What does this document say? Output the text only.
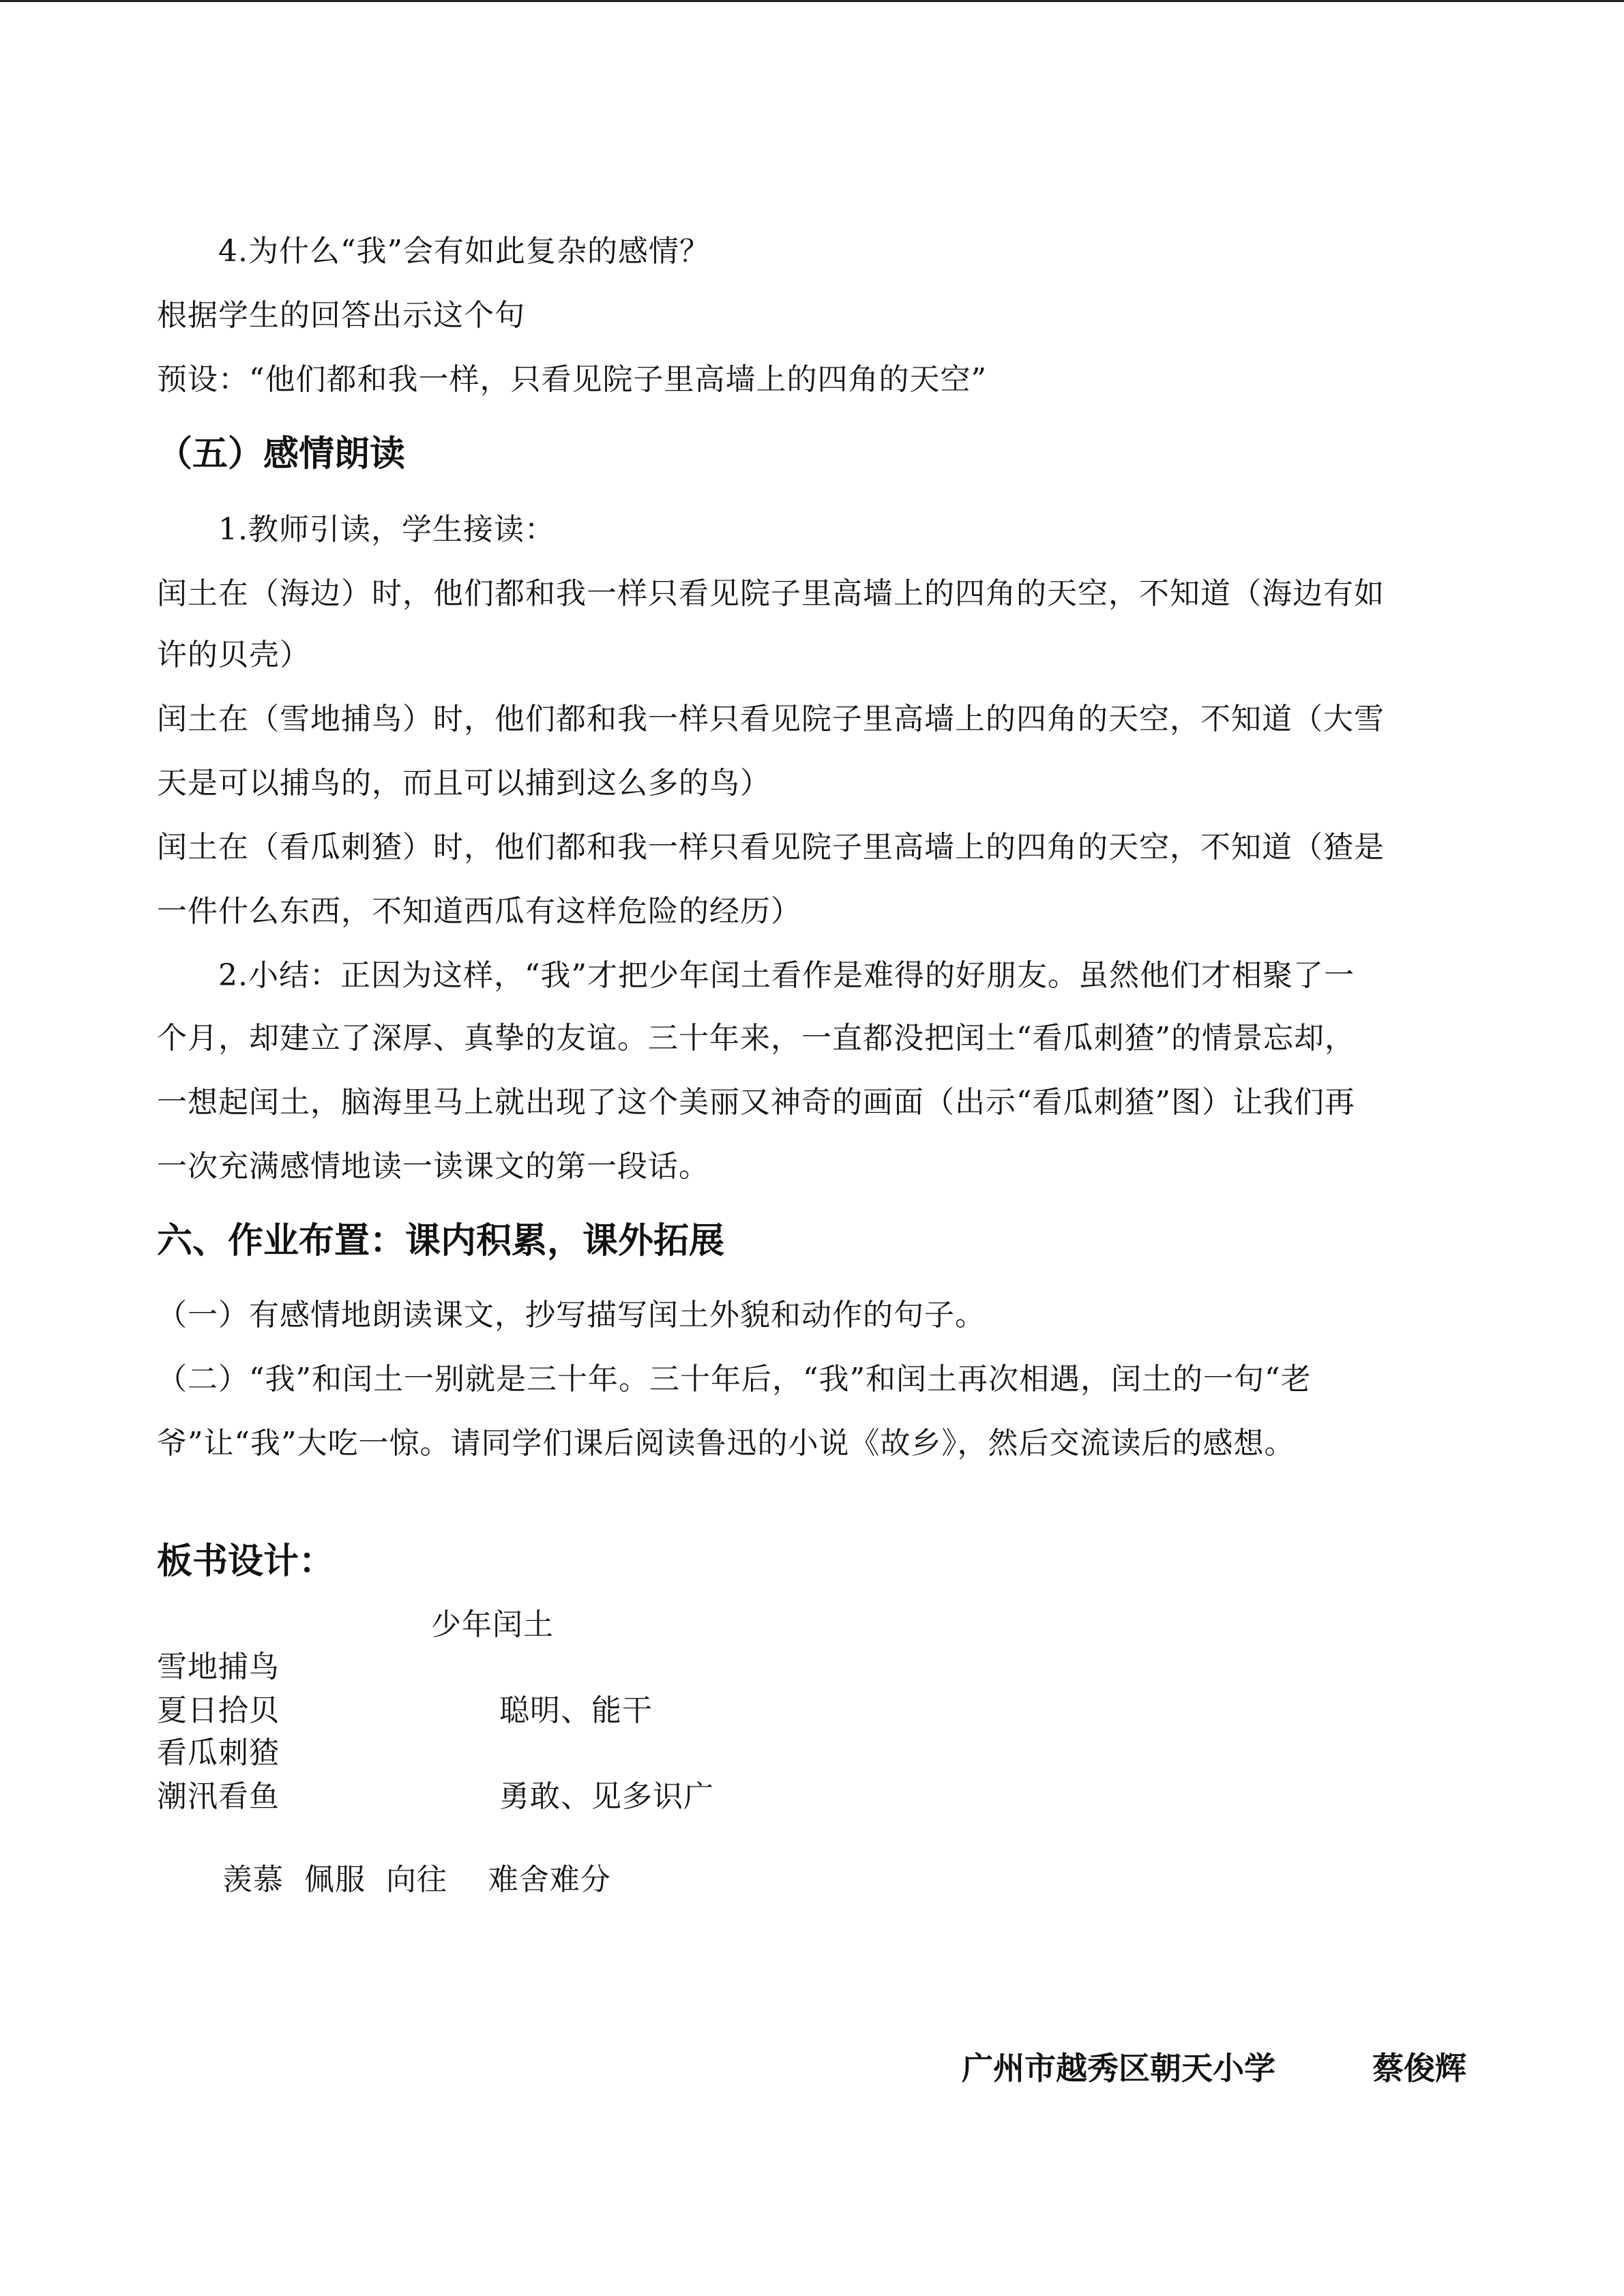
4.为什么“我”会有如此复杂的感情？
根据学生的回答出示这个句
预设：“他们都和我一样，只看见院子里高墙上的四角的天空”
（五）感情朗读
1.教师引读，学生接读：
闰土在（海边）时，他们都和我一样只看见院子里高墙上的四角的天空，不知道（海边有如
许的贝壳）
闰土在（雪地捕鸟）时，他们都和我一样只看见院子里高墙上的四角的天空，不知道（大雪
天是可以捕鸟的，而且可以捕到这么多的鸟）
闰土在（看瓜刺猹）时，他们都和我一样只看见院子里高墙上的四角的天空，不知道（猹是
一件什么东西，不知道西瓜有这样危险的经历）
2.小结：正因为这样，“我”才把少年闰土看作是难得的好朋友。虽然他们才相聚了一
个月，却建立了深厚、真挚的友谊。三十年来，一直都没把闰土“看瓜刺猹”的情景忘却，
一想起闰土，脑海里马上就出现了这个美丽又神奇的画面（出示“看瓜刺猹”图）让我们再
一次充满感情地读一读课文的第一段话。
六、作业布置：课内积累，课外拓展
（一）有感情地朗读课文，抄写描写闰土外貌和动作的句子。
（二）“我”和闰土一别就是三十年。三十年后，“我”和闰土再次相遇，闰土的一句“老
爷”让“我”大吃一惊。请同学们课后阅读鲁迅的小说《故乡》，然后交流读后的感想。
板书设计：
少年闰土
雪地捕鸟
夏日拾贝
看瓜刺猹
潮汛看鱼
聪明、能干
勇敢、见多识广
羡慕  佩服  向往    难舍难分
广州市越秀区朝天小学	蔡俊辉
